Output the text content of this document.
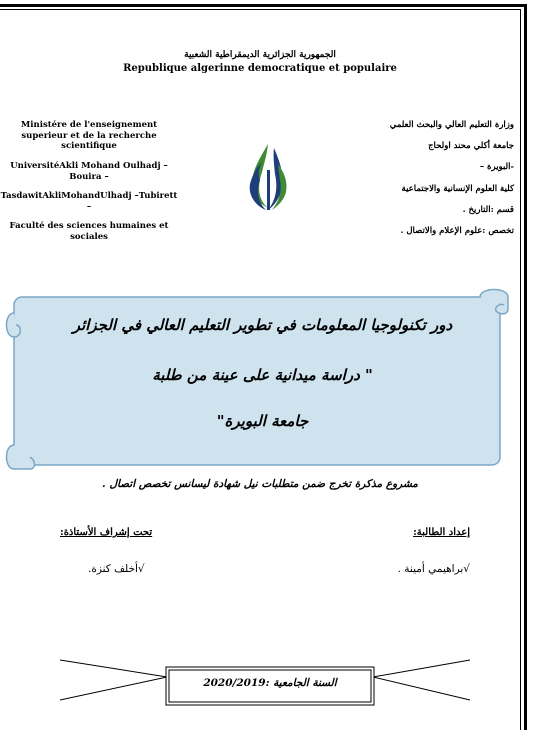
الجمهورية الجزائرية الديمقراطية الشعبية
Republique algerinne democratique et populaire

Ministére de l'enseignement superieur et de la recherche scientifique

UniversitéAkli Mohand Oulhadj – Bouira –

TasdawitAkliMohandUlhadj –Tubirett –

Faculté des sciences humaines et sociales

وزارة التعليم العالي والبحث العلمي

جامعة أكلي محند اولحاج

-البويرة –

كلية العلوم الإنسانية والاجتماعية

قسم :التاريخ .

تخصص :علوم الإعلام والاتصال .

دور تكنولوجيا المعلومات في تطوير التعليم العالي في الجزائر
" دراسة ميدانية على عينة من طلبة
جامعة البويرة"
مشروع مذكرة تخرج ضمن متطلبات نيل شهادة ليسانس تخصص اتصال .
إعداد الطالبة:
تحت إشراف الأستاذة:
√براهيمي أمينة .
√أخلف كنزة.
السنة الجامعية :2020/2019
